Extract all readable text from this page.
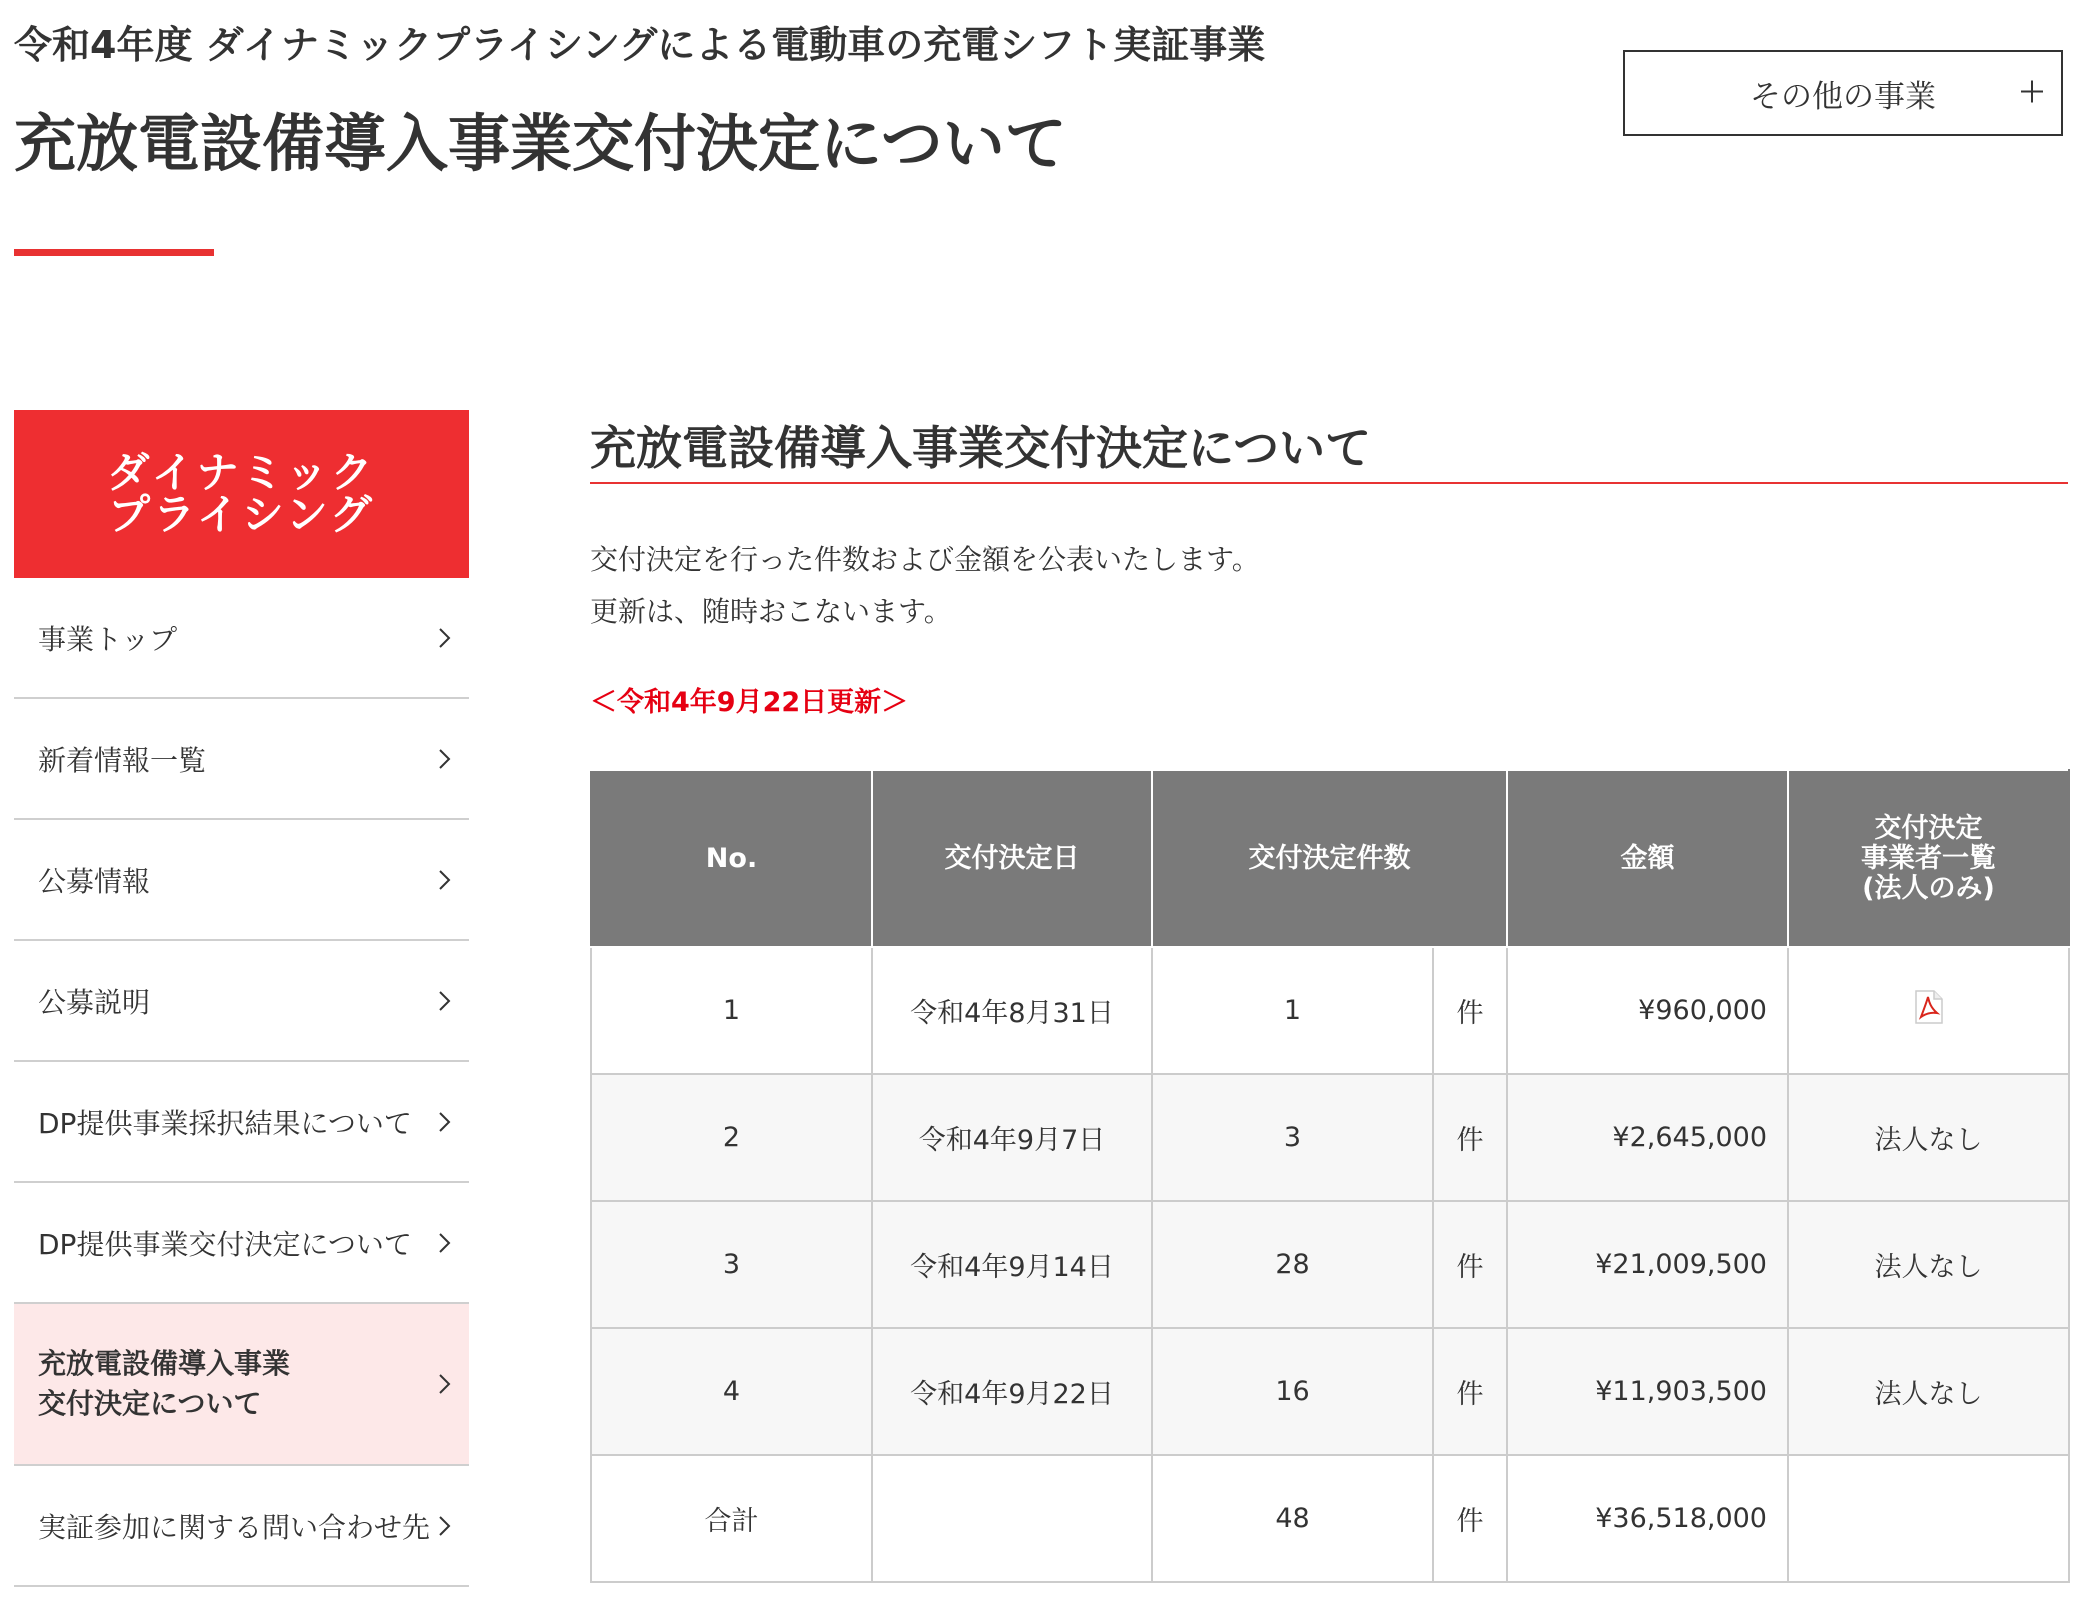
令和4年度 ダイナミックプライシングによる電動車の充電シフト実証事業
充放電設備導入事業交付決定について
その他の事業
ダイナミック
プライシング
事業トップ
新着情報一覧
公募情報
公募説明
DP提供事業採択結果について
DP提供事業交付決定について
充放電設備導入事業
交付決定について
実証参加に関する問い合わせ先
充放電設備導入事業交付決定について
交付決定を行った件数および金額を公表いたします。
更新は、随時おこないます。
＜令和4年9月22日更新＞
No.	交付決定日	交付決定件数		金額	交付決定
事業者一覧
(法人のみ)
1	令和4年8月31日	1	件	¥960,000	
2	令和4年9月7日	3	件	¥2,645,000	法人なし
3	令和4年9月14日	28	件	¥21,009,500	法人なし
4	令和4年9月22日	16	件	¥11,903,500	法人なし
合計		48	件	¥36,518,000	
